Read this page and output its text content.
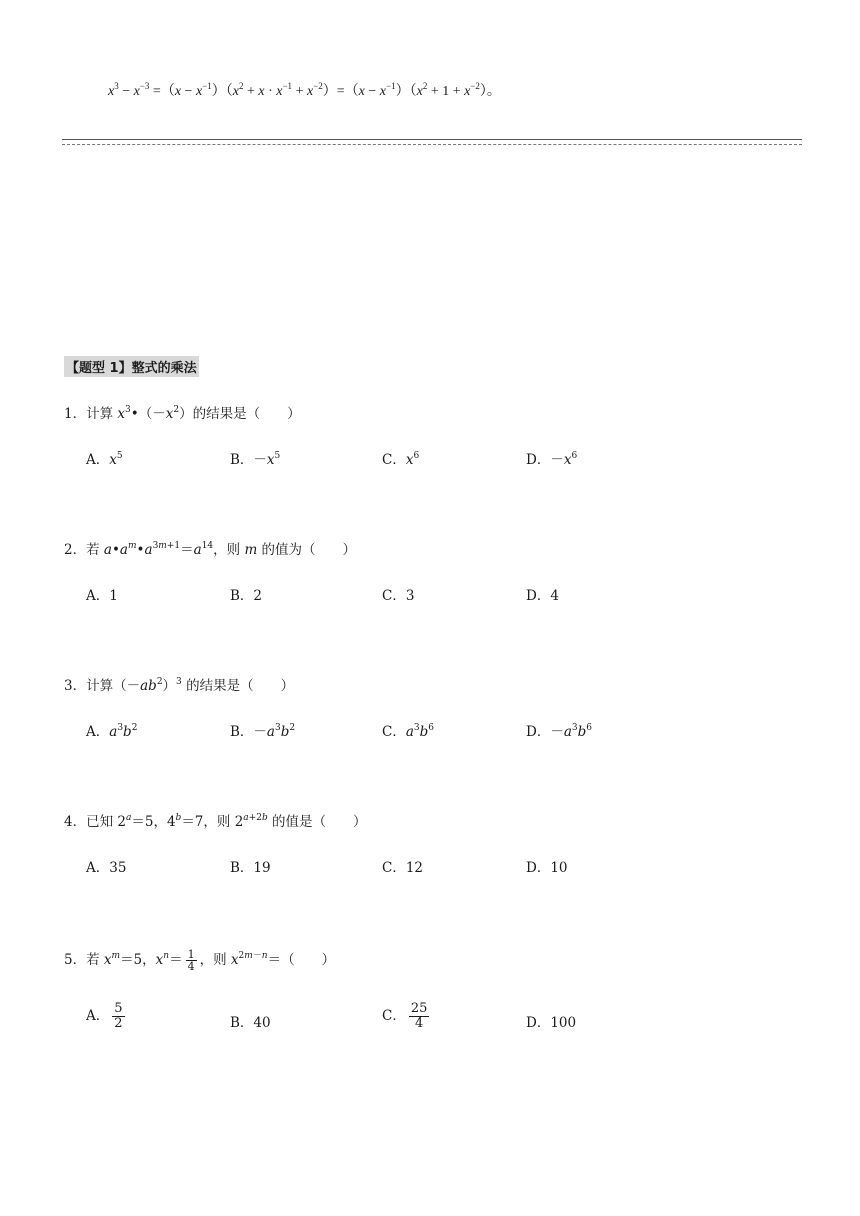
$x^3 - x^{-3} =(x - x^{-1})(x^2 + x \cdot x^{-1} + x^{-2})=(x - x^{-1})(x^2 + 1 + x^{-2})$。
【题型 1】整式的乘法
1．计算 $x^3•(-x^2)$的结果是（　　）
A．$x^5$	B．$-x^5$	C．$x^6$	D．$-x^6$
2．若 $a•a^m•a^{3m+1}=a^{14}$，则 m 的值为（　　）
A．1	B．2	C．3	D．4
3．计算$(-ab^2)^3$ 的结果是（　　）
A．$a^3b^2$	B．$-a^3b^2$	C．$a^3b^6$	D．$-a^3b^6$
4．已知 $2^a=5$，$4^b=7$，则 $2^{a+2b}$ 的值是（　　）
A．35	B．19	C．12	D．10
5．若 $x^m=5$，$x^n= \frac{1}{4}$ ，则 $x^{2m-n}=$（　　）
A． $\frac{5}{2}$	B．40	C． $\frac{25}{4}$	D．100
